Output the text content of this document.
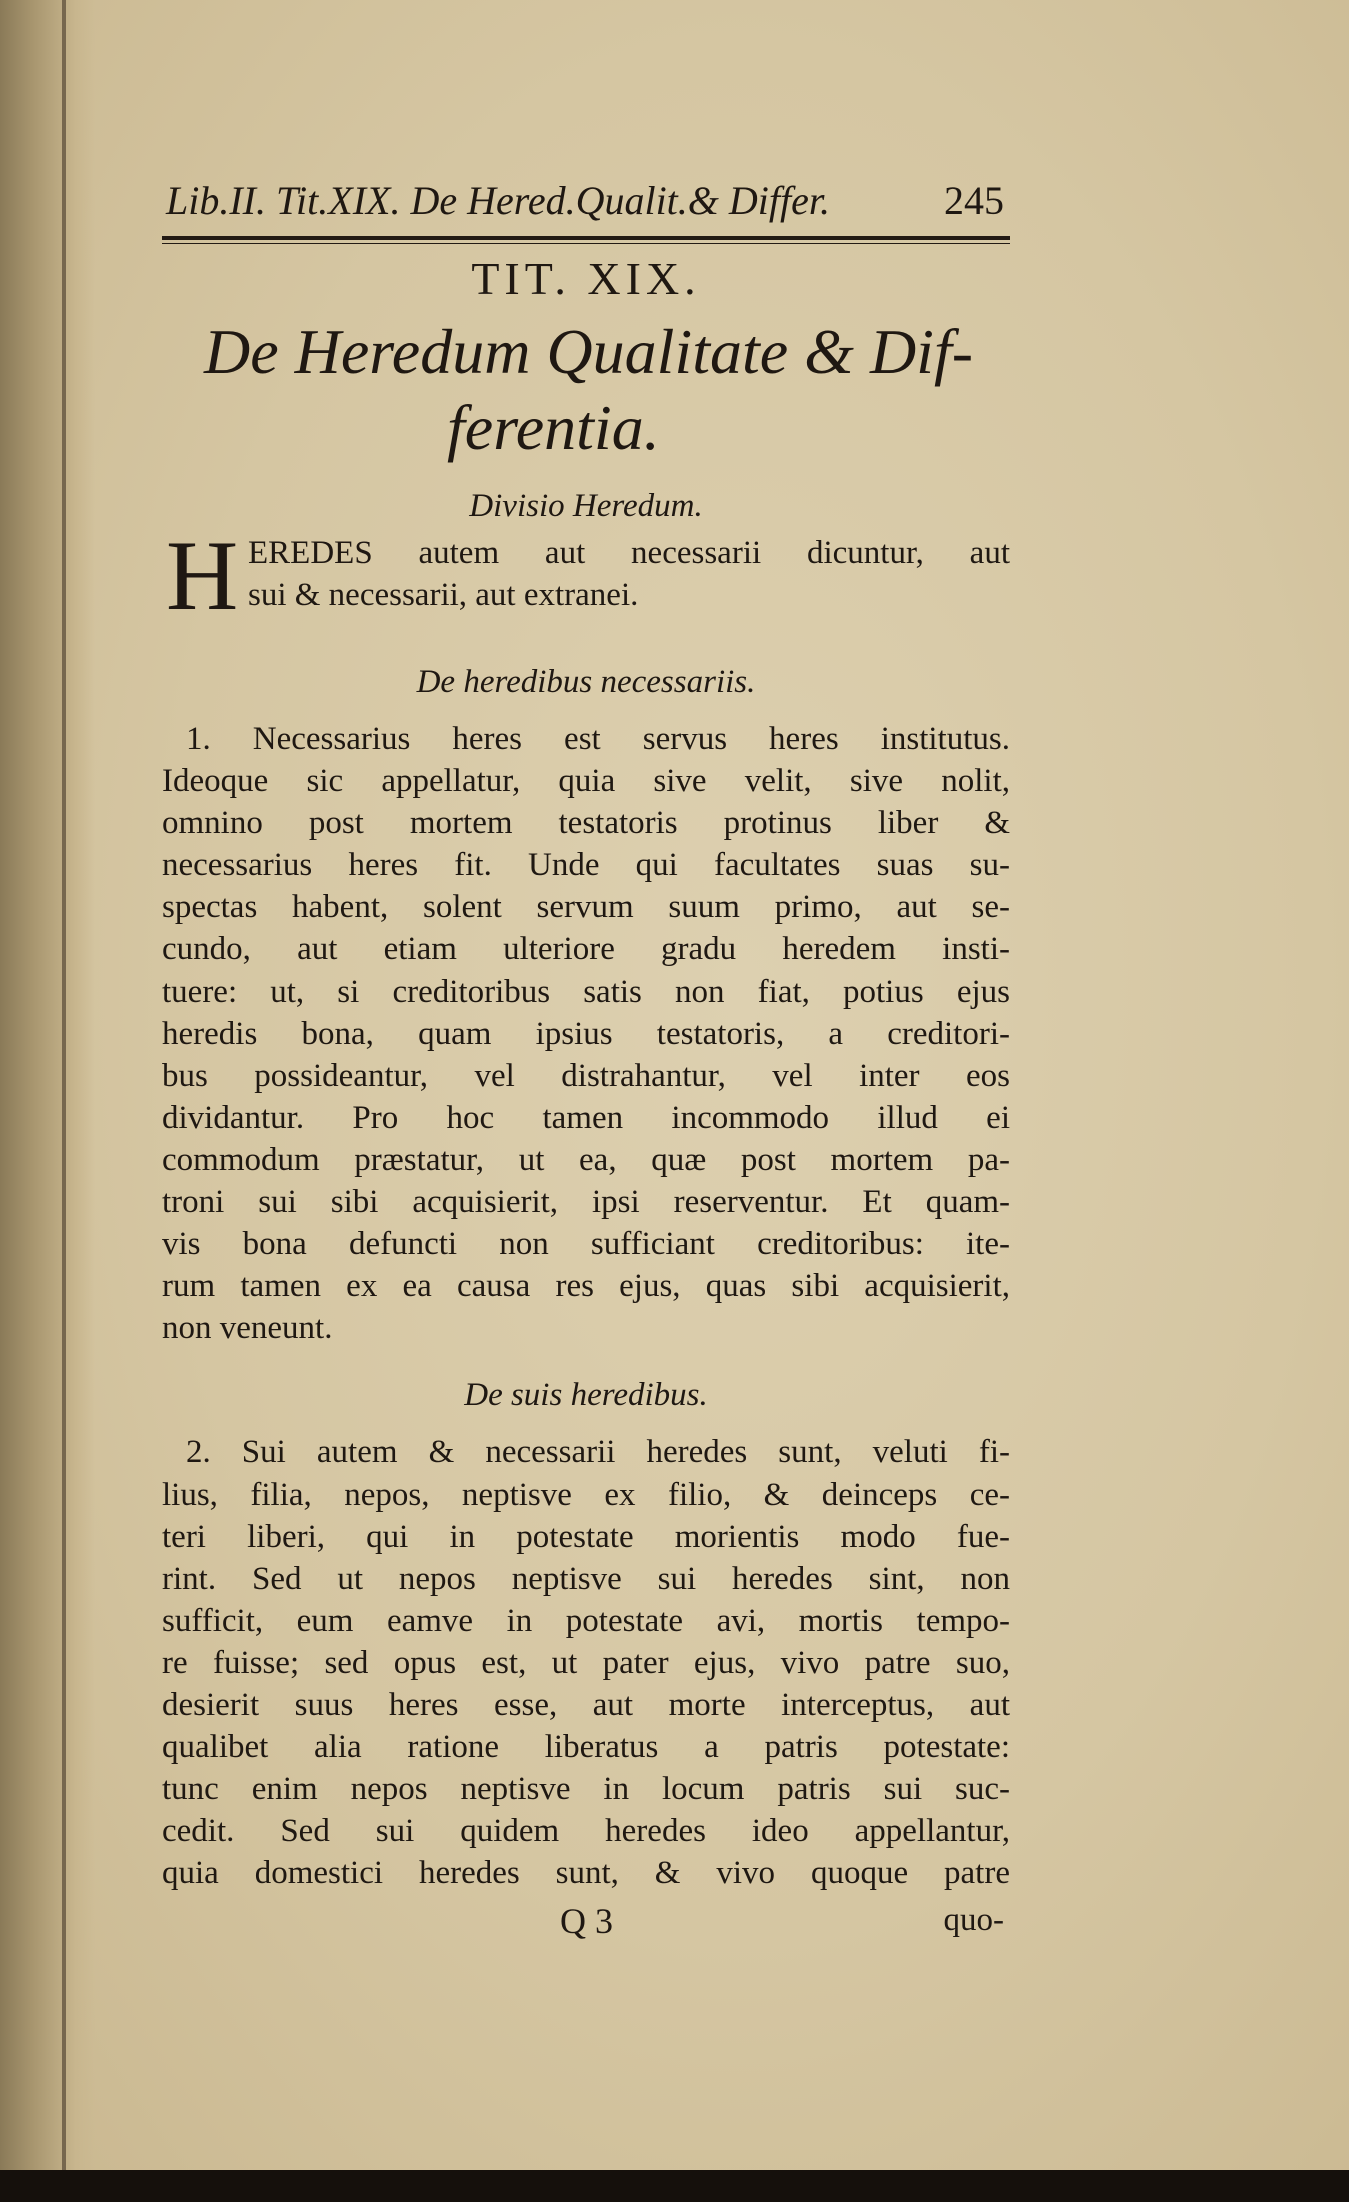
Lib.II. Tit.XIX. De Hered.Qualit.& Differ.	245
TIT. XIX.
De Heredum Qualitate & Dif-
ferentia.
Divisio Heredum.
H EREDES autem aut necessarii dicuntur, aut
sui & necessarii, aut extranei.
De heredibus necessariis.
1. Necessarius heres est servus heres institutus.
Ideoque sic appellatur, quia sive velit, sive nolit,
omnino post mortem testatoris protinus liber &
necessarius heres fit. Unde qui facultates suas su-
spectas habent, solent servum suum primo, aut se-
cundo, aut etiam ulteriore gradu heredem insti-
tuere: ut, si creditoribus satis non fiat, potius ejus
heredis bona, quam ipsius testatoris, a creditori-
bus possideantur, vel distrahantur, vel inter eos
dividantur. Pro hoc tamen incommodo illud ei
commodum præstatur, ut ea, quæ post mortem pa-
troni sui sibi acquisierit, ipsi reserventur. Et quam-
vis bona defuncti non sufficiant creditoribus: ite-
rum tamen ex ea causa res ejus, quas sibi acquisierit,
non veneunt.
De suis heredibus.
2. Sui autem & necessarii heredes sunt, veluti fi-
lius, filia, nepos, neptisve ex filio, & deinceps ce-
teri liberi, qui in potestate morientis modo fue-
rint. Sed ut nepos neptisve sui heredes sint, non
sufficit, eum eamve in potestate avi, mortis tempo-
re fuisse; sed opus est, ut pater ejus, vivo patre suo,
desierit suus heres esse, aut morte interceptus, aut
qualibet alia ratione liberatus a patris potestate:
tunc enim nepos neptisve in locum patris sui suc-
cedit. Sed sui quidem heredes ideo appellantur,
quia domestici heredes sunt, & vivo quoque patre
Q 3	quo-
